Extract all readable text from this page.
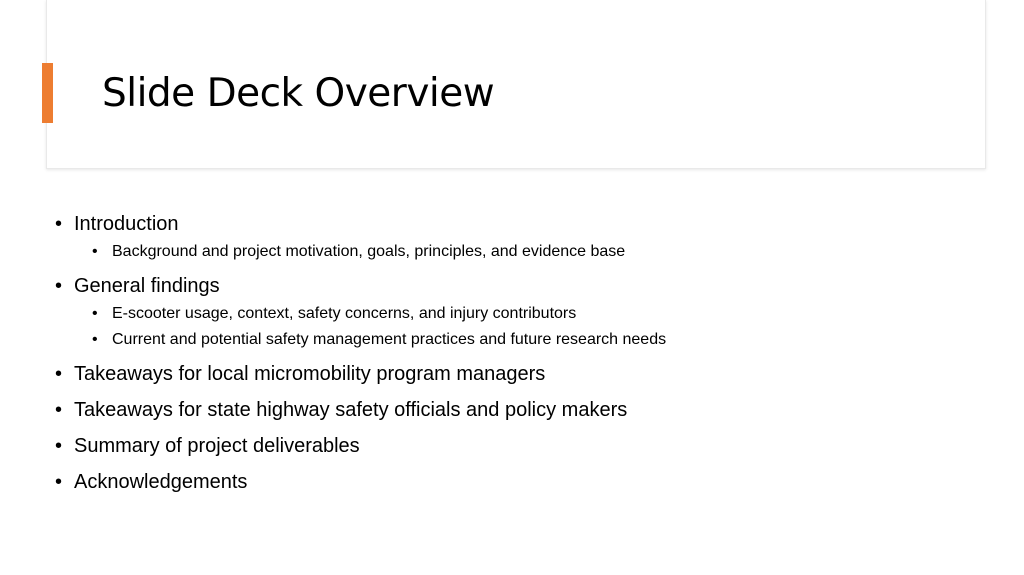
Slide Deck Overview
• Introduction
• Background and project motivation, goals, principles, and evidence base
• General findings
• E-scooter usage, context, safety concerns, and injury contributors
• Current and potential safety management practices and future research needs
• Takeaways for local micromobility program managers
• Takeaways for state highway safety officials and policy makers
• Summary of project deliverables
• Acknowledgements
